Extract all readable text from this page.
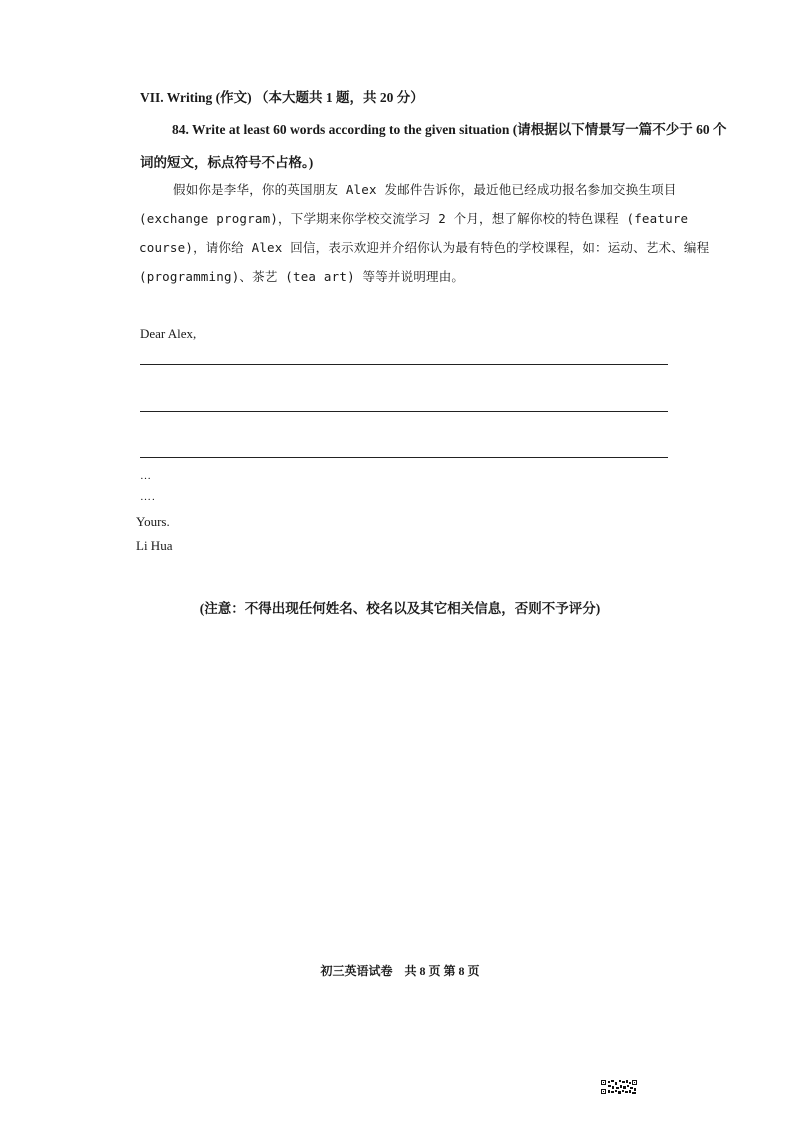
VII. Writing (作文) （本大题共 1 题，共 20 分）
84. Write at least 60 words according to the given situation (请根据以下情景写一篇不少于 60 个词的短文，标点符号不占格。)
假如你是李华，你的英国朋友 Alex 发邮件告诉你，最近他已经成功报名参加交换生项目 (exchange program)，下学期来你学校交流学习 2 个月，想了解你校的特色课程 (feature course)，请你给 Alex 回信，表示欢迎并介绍你认为最有特色的学校课程，如：运动、艺术、编程 (programming)、茶艺 (tea art) 等等并说明理由。
Dear Alex,
…
….
Yours.
Li Hua
(注意：不得出现任何姓名、校名以及其它相关信息，否则不予评分)
初三英语试卷　共 8 页 第 8 页
